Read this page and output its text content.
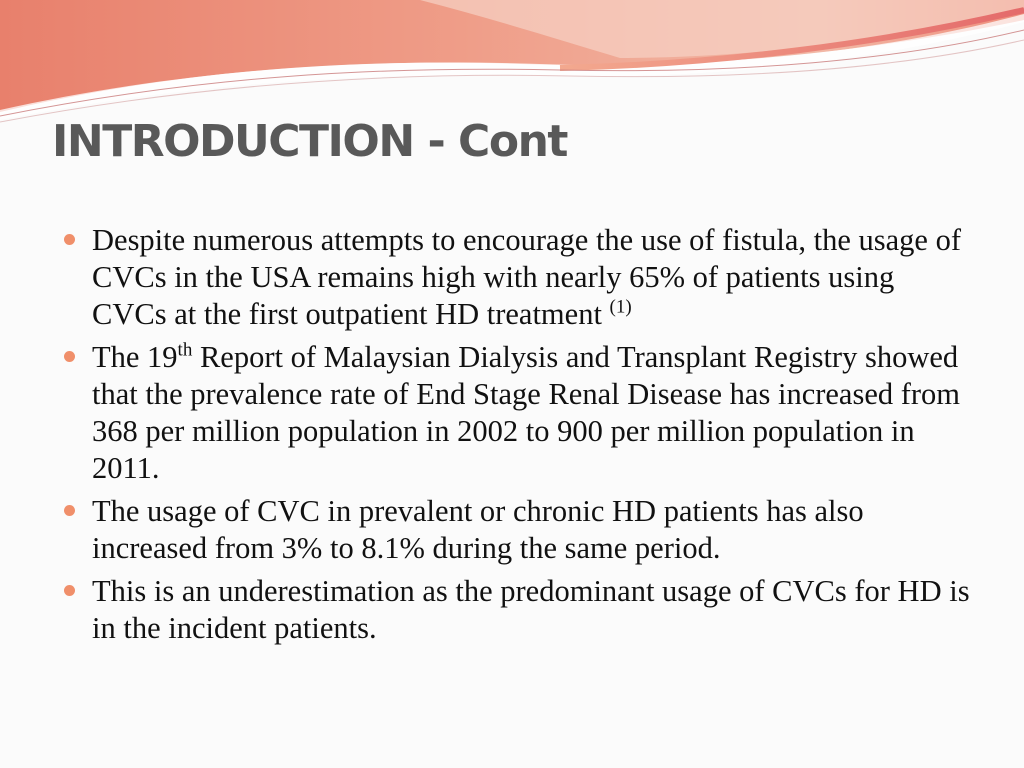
INTRODUCTION - Cont
Despite numerous attempts to encourage the use of fistula, the usage of CVCs in the USA remains high with nearly 65% of patients using CVCs at the first outpatient HD treatment $^{(1)}$
The 19th Report of Malaysian Dialysis and Transplant Registry showed that the prevalence rate of End Stage Renal Disease has increased from 368 per million population in 2002 to 900 per million population in 2011.
The usage of CVC in prevalent or chronic HD patients has also increased from 3% to 8.1% during the same period.
This is an underestimation as the predominant usage of CVCs for HD is in the incident patients.
